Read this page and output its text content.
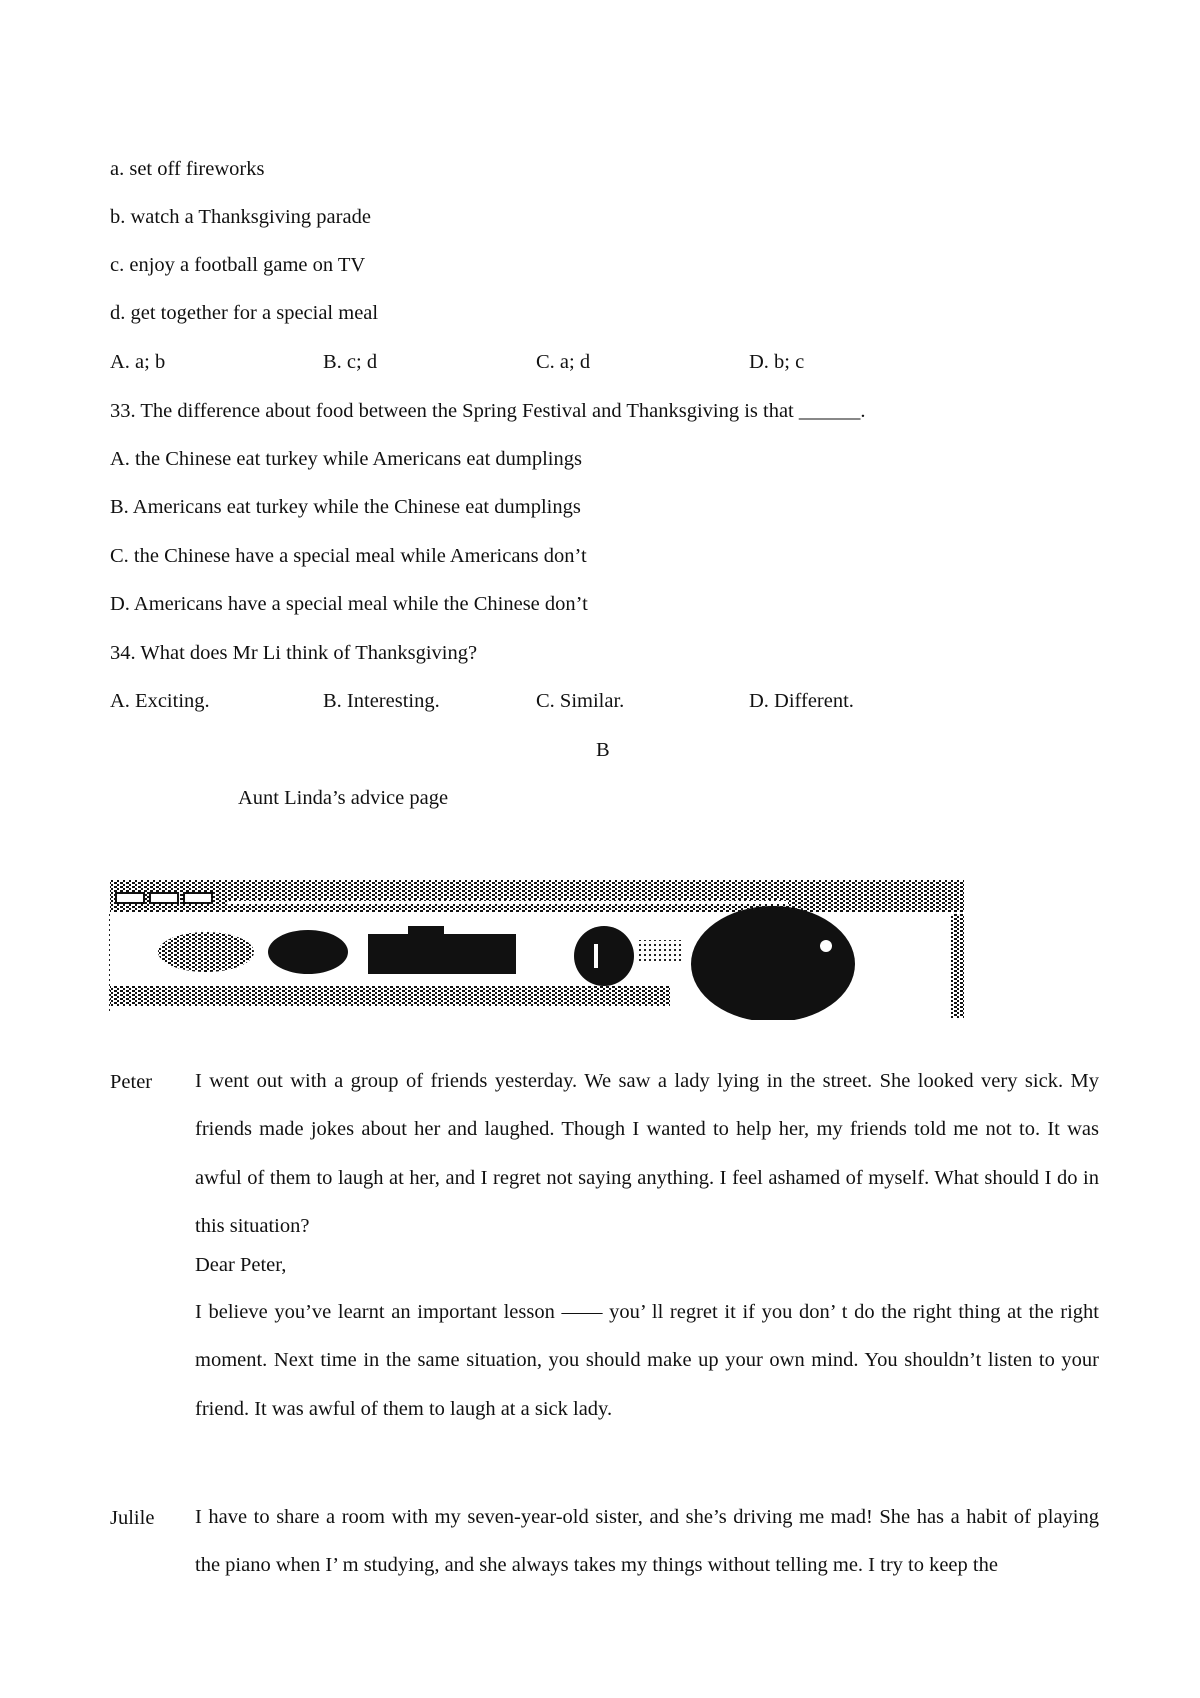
a. set off fireworks
b. watch a Thanksgiving parade
c. enjoy a football game on TV
d. get together for a special meal
A. a; b	B. c; d	C. a; d	D. b; c
33. The difference about food between the Spring Festival and Thanksgiving is that ______.
A. the Chinese eat turkey while Americans eat dumplings
B. Americans eat turkey while the Chinese eat dumplings
C. the Chinese have a special meal while Americans don’t
D. Americans have a special meal while the Chinese don’t
34. What does Mr Li think of Thanksgiving?
A. Exciting.	B. Interesting.	C. Similar.	D. Different.
B
Aunt Linda’s advice page
Peter I went out with a group of friends yesterday. We saw a lady lying in the street. She looked very sick. My friends made jokes about her and laughed. Though I wanted to help her, my friends told me not to. It was awful of them to laugh at her, and I regret not saying anything. I feel ashamed of myself. What should I do in this situation?
Dear Peter,
I believe you’ve learnt an important lesson —— you’ ll regret it if you don’ t do the right thing at the right moment. Next time in the same situation, you should make up your own mind. You shouldn’t listen to your friend. It was awful of them to laugh at a sick lady.
Julile I have to share a room with my seven-year-old sister, and she’s driving me mad! She has a habit of playing the piano when I’ m studying, and she always takes my things without telling me. I try to keep the
